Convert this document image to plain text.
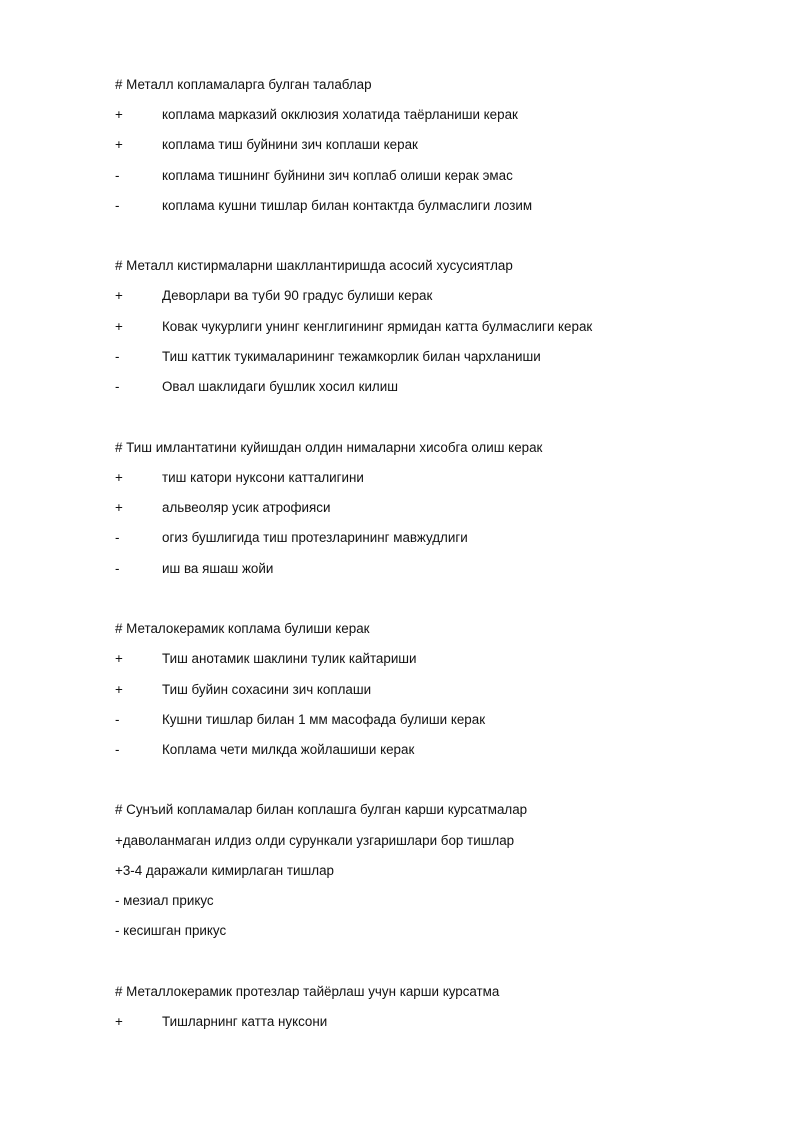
# Металл копламаларга булган талаблар
+	коплама марказий окклюзия холатида таёрланиши керак
+	коплама тиш буйнини зич коплаши керак
-	коплама тишнинг буйнини зич коплаб олиши керак эмас
-	коплама кушни тишлар билан контактда булмаслиги лозим
# Металл кистирмаларни шакллантиришда асосий хусусиятлар
+	Деворлари ва туби 90 градус булиши керак
+	Ковак чукурлиги унинг кенглигининг ярмидан катта булмаслиги керак
-	Тиш каттик тукималарининг тежамкорлик билан чархланиши
-	Овал шаклидаги бушлик хосил килиш
# Тиш имлантатини куйишдан олдин нималарни хисобга олиш керак
+	тиш катори нуксони катталигини
+	альвеоляр усик атрофияси
-	огиз бушлигида тиш протезларининг мавжудлиги
-	иш ва яшаш жойи
# Металокерамик коплама булиши керак
+	Тиш анотамик шаклини тулик кайтариши
+	Тиш буйин сохасини зич коплаши
-	Кушни тишлар билан 1 мм масофада булиши керак
-	Коплама чети милкда жойлашиши керак
# Сунъий копламалар билан коплашга булган карши курсатмалар
+даволанмаган илдиз олди сурункали узгаришлари бор тишлар
+3-4 даражали кимирлаган тишлар
- мезиал прикус
- кесишган прикус
# Металлокерамик протезлар тайёрлаш учун карши курсатма
+	Тишларнинг катта нуксони
